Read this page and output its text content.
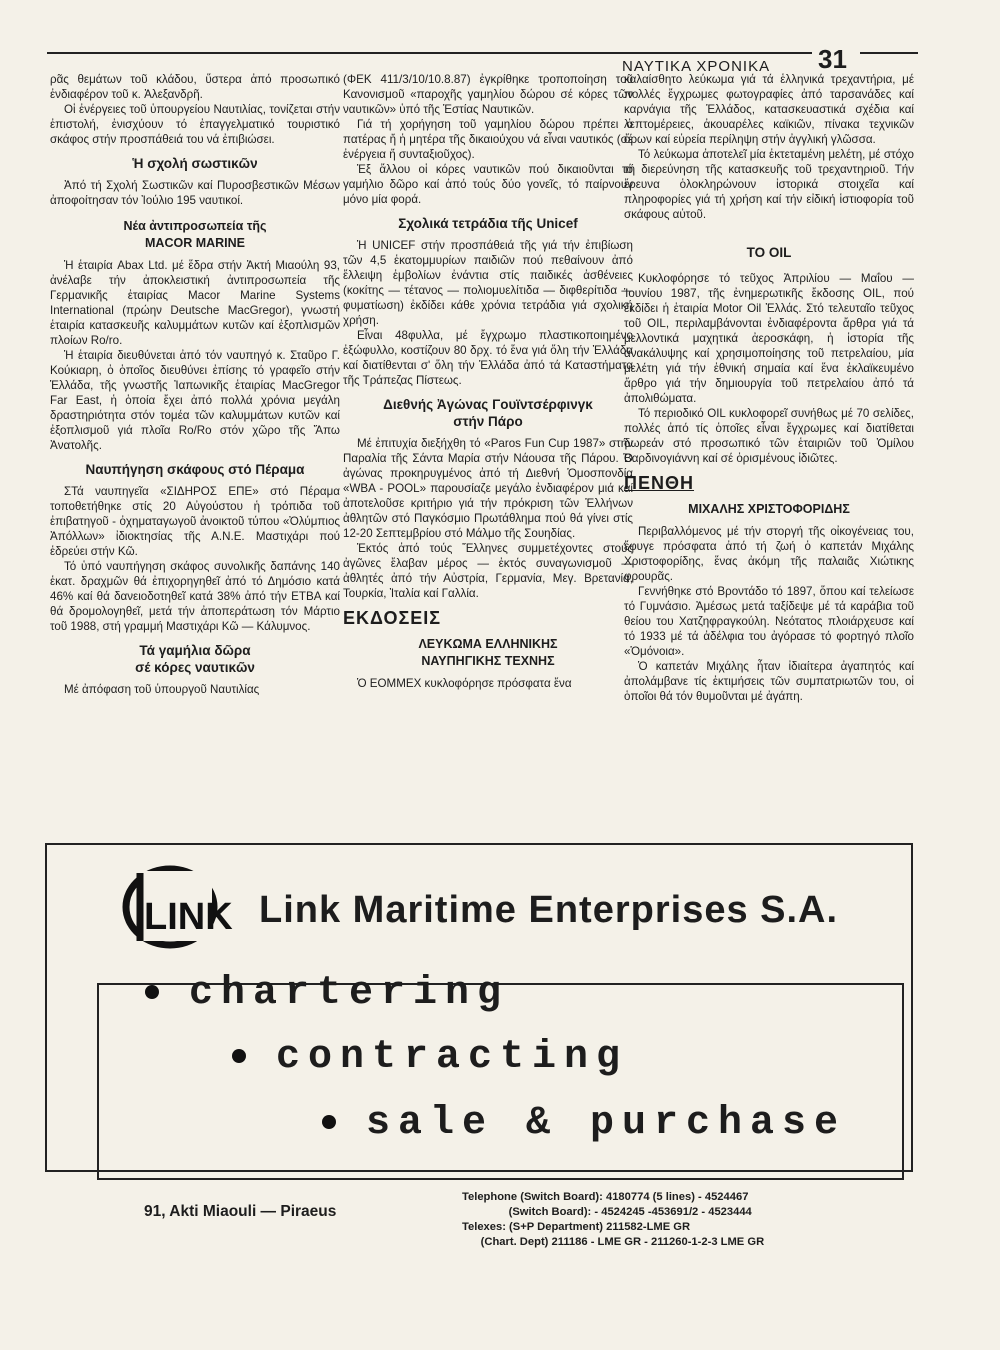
ΝΑΥΤΙΚΑ ΧΡΟΝΙΚΑ 31

ρᾶς θεμάτων τοῦ κλάδου, ὕστερα ἀπό προσωπικό ἐνδιαφέρον τοῦ κ. Ἀλεξανδρῆ.

Οἱ ἐνέργειες τοῦ ὑπουργείου Ναυτιλίας, τονίζεται στήν ἐπιστολή, ἐνισχύουν τό ἐπαγγελματικό τουριστικό σκάφος στήν προσπάθειά του νά ἐπιβιώσει.

Ἡ σχολή σωστικῶν

Ἀπό τή Σχολή Σωστικῶν καί Πυροσβεστικῶν Μέσων ἀποφοίτησαν τόν Ἰούλιο 195 ναυτικοί.

Νέα ἀντιπροσωπεία τῆς
MACOR MARINE

Ἡ ἑταιρία Abax Ltd. μέ ἕδρα στήν Ἀκτή Μιαούλη 93, ἀνέλαβε τήν ἀποκλειστική ἀντιπροσωπεία τῆς Γερμανικῆς ἑταιρίας Macor Marine Systems International (πρώην Deutsche MacGregor), γνωστή ἑταιρία κατασκευῆς καλυμμάτων κυτῶν καί ἐξοπλισμῶν πλοίων Ro/ro.

Ἡ ἑταιρία διευθύνεται ἀπό τόν ναυπηγό κ. Σταῦρο Γ. Κούκιαρη, ὁ ὁποῖος διευθύνει ἐπίσης τό γραφεῖο στήν Ἑλλάδα, τῆς γνωστῆς Ἰαπωνικῆς ἑταιρίας MacGregor Far East, ἡ ὁποία ἔχει ἀπό πολλά χρόνια μεγάλη δραστηριότητα στόν τομέα τῶν καλυμμάτων κυτῶν καί ἐξοπλισμοῦ γιά πλοῖα Ro/Ro στόν χῶρο τῆς Ἄπω Ἀνατολῆς.

Ναυπήγηση σκάφους στό Πέραμα

ΣΤά ναυπηγεῖα «ΣΙΔΗΡΟΣ ΕΠΕ» στό Πέραμα τοποθετήθηκε στίς 20 Αὐγούστου ἡ τρόπιδα τοῦ ἐπιβατηγοῦ - ὀχηματαγωγοῦ ἀνοικτοῦ τύπου «Ὀλύμπιος Ἀπόλλων» ἰδιοκτησίας τῆς Α.Ν.Ε. Μαστιχάρι πού ἑδρεύει στήν Κῶ.

Τό ὑπό ναυπήγηση σκάφος συνολικῆς δαπάνης 140 ἑκατ. δραχμῶν θά ἐπιχορηγηθεῖ ἀπό τό Δημόσιο κατά 46% καί θά δανειοδοτηθεῖ κατά 38% ἀπό τήν ΕΤΒΑ καί θά δρομολογηθεῖ, μετά τήν ἀποπεράτωση τόν Μάρτιο τοῦ 1988, στή γραμμή Μαστιχάρι Κῶ — Κάλυμνος.

Τά γαμήλια δῶρα
σέ κόρες ναυτικῶν

Μέ ἀπόφαση τοῦ ὑπουργοῦ Ναυτιλίας

(ΦΕΚ 411/3/10/10.8.87) ἐγκρίθηκε τροποποίηση τοῦ Κανονισμοῦ «παροχῆς γαμηλίου δώρου σέ κόρες τῶν ναυτικῶν» ὑπό τῆς Ἑστίας Ναυτικῶν.

Γιά τή χορήγηση τοῦ γαμηλίου δώρου πρέπει ὁ πατέρας ἤ ἡ μητέρα τῆς δικαιούχου νά εἶναι ναυτικός (σέ ἐνέργεια ἤ συνταξιοῦχος).

Ἐξ ἄλλου οἱ κόρες ναυτικῶν πού δικαιοῦνται τό γαμήλιο δῶρο καί ἀπό τούς δύο γονεῖς, τό παίρνουν μόνο μία φορά.

Σχολικά τετράδια τῆς Unicef

Ἡ UNICEF στήν προσπάθειά τῆς γιά τήν ἐπιβίωση τῶν 4,5 ἑκατομμυρίων παιδιῶν πού πεθαίνουν ἀπό ἔλλειψη ἐμβολίων ἐνάντια στίς παιδικές ἀσθένειες (κοκίτης — τέτανος — πολιομυελίτιδα — διφθερίτιδα — φυματίωση) ἐκδίδει κάθε χρόνια τετράδια γιά σχολική χρήση.

Εἶναι 48φυλλα, μέ ἔγχρωμο πλαστικοποιημένο ἐξώφυλλο, κοστίζουν 80 δρχ. τό ἕνα γιά ὅλη τήν Ἑλλάδα καί διατίθενται σ' ὅλη τήν Ἑλλάδα ἀπό τά Καταστήματα τῆς Τράπεζας Πίστεως.

Διεθνής Ἀγώνας Γουϊντσέρφινγκ
στήν Πάρο

Μέ ἐπιτυχία διεξήχθη τό «Paros Fun Cup 1987» στήν Παραλία τῆς Σάντα Μαρία στήν Νάουσα τῆς Πάρου. Ὁ ἀγώνας προκηρυγμένος ἀπό τή Διεθνή Ὁμοσπονδία «WBA - POOL» παρουσίαζε μεγάλο ἐνδιαφέρον μιά καί ἀποτελοῦσε κριτήριο γιά τήν πρόκριση τῶν Ἑλλήνων ἀθλητῶν στό Παγκόσμιο Πρωτάθλημα πού θά γίνει στίς 12-20 Σεπτεμβρίου στό Μάλμο τῆς Σουηδίας.

Ἐκτός ἀπό τούς Ἕλληνες συμμετέχοντες στούς ἀγῶνες ἔλαβαν μέρος — ἐκτός συναγωνισμοῦ — ἀθλητές ἀπό τήν Αὐστρία, Γερμανία, Μεγ. Βρετανία, Τουρκία, Ἰταλία καί Γαλλία.

ΕΚΔΟΣΕΙΣ
ΛΕΥΚΩΜΑ ΕΛΛΗΝΙΚΗΣ
ΝΑΥΠΗΓΙΚΗΣ ΤΕΧΝΗΣ

Ὁ ΕΟΜΜΕΧ κυκλοφόρησε πρόσφατα ἕνα

καλαίσθητο λεύκωμα γιά τά ἑλληνικά τρεχαντήρια, μέ πολλές ἔγχρωμες φωτογραφίες ἀπό ταρσανάδες καί καρνάγια τῆς Ἑλλάδος, κατασκευαστικά σχέδια καί λεπτομέρειες, ἀκουαρέλες καϊκιῶν, πίνακα τεχνικῶν ὅρων καί εὐρεία περίληψη στήν ἀγγλική γλῶσσα.

Τό λεύκωμα ἀποτελεῖ μία ἐκτεταμένη μελέτη, μέ στόχο τή διερεύνηση τῆς κατασκευῆς τοῦ τρεχαντηριοῦ. Τήν ἔρευνα ὁλοκληρώνουν ἱστορικά στοιχεῖα καί πληροφορίες γιά τή χρήση καί τήν εἰδική ἱστιοφορία τοῦ σκάφους αὐτοῦ.

ΤΟ OIL

Κυκλοφόρησε τό τεῦχος Ἀπριλίου — Μαΐου — Ἰουνίου 1987, τῆς ἐνημερωτικῆς ἔκδοσης OIL, πού ἐκδίδει ἡ ἑταιρία Motor Oil Ἑλλάς. Στό τελευταῖο τεῦχος τοῦ OIL, περιλαμβάνονται ἐνδιαφέροντα ἄρθρα γιά τά μελλοντικά μαχητικά ἀεροσκάφη, ἡ ἱστορία τῆς ἀνακάλυψης καί χρησιμοποίησης τοῦ πετρελαίου, μία μελέτη γιά τήν ἐθνική σημαία καί ἕνα ἐκλαϊκευμένο ἄρθρο γιά τήν δημιουργία τοῦ πετρελαίου ἀπό τά ἀπολιθώματα.

Τό περιοδικό OIL κυκλοφορεῖ συνήθως μέ 70 σελίδες, πολλές ἀπό τίς ὁποῖες εἶναι ἔγχρωμες καί διατίθεται δωρεάν στό προσωπικό τῶν ἑταιριῶν τοῦ Ὁμίλου Βαρδινογιάννη καί σέ ὁρισμένους ἰδιῶτες.

ΠΕΝΘΗ
ΜΙΧΑΛΗΣ ΧΡΙΣΤΟΦΟΡΙΔΗΣ

Περιβαλλόμενος μέ τήν στοργή τῆς οἰκογένειας του, ἔφυγε πρόσφατα ἀπό τή ζωή ὁ καπετάν Μιχάλης Χριστοφορίδης, ἕνας ἀκόμη τῆς παλαιᾶς Χιώτικης φρουρᾶς.

Γεννήθηκε στό Βροντάδο τό 1897, ὅπου καί τελείωσε τό Γυμνάσιο. Ἀμέσως μετά ταξίδεψε μέ τά καράβια τοῦ θείου του Χατζηφραγκούλη. Νεότατος πλοιάρχευσε καί τό 1933 μέ τά ἀδέλφια του ἀγόρασε τό φορτηγό πλοῖο «Ὁμόνοια».

Ὁ καπετάν Μιχάλης ἦταν ἰδιαίτερα ἀγαπητός καί ἀπολάμβανε τίς ἐκτιμήσεις τῶν συμπατριωτῶν του, οἱ ὁποῖοι θά τόν θυμοῦνται μέ ἀγάπη.

LINK Link Maritime Enterprises S.A.
chartering
contracting
sale & purchase
91, Akti Miaouli — Piraeus
Telephone (Switch Board): 4180774 (5 lines) - 4524467
(Switch Board): - 4524245 -453691/2 - 4523444
Telexes: (S+P Department) 211582-LME GR
(Chart. Dept) 211186 - LME GR - 211260-1-2-3 LME GR
